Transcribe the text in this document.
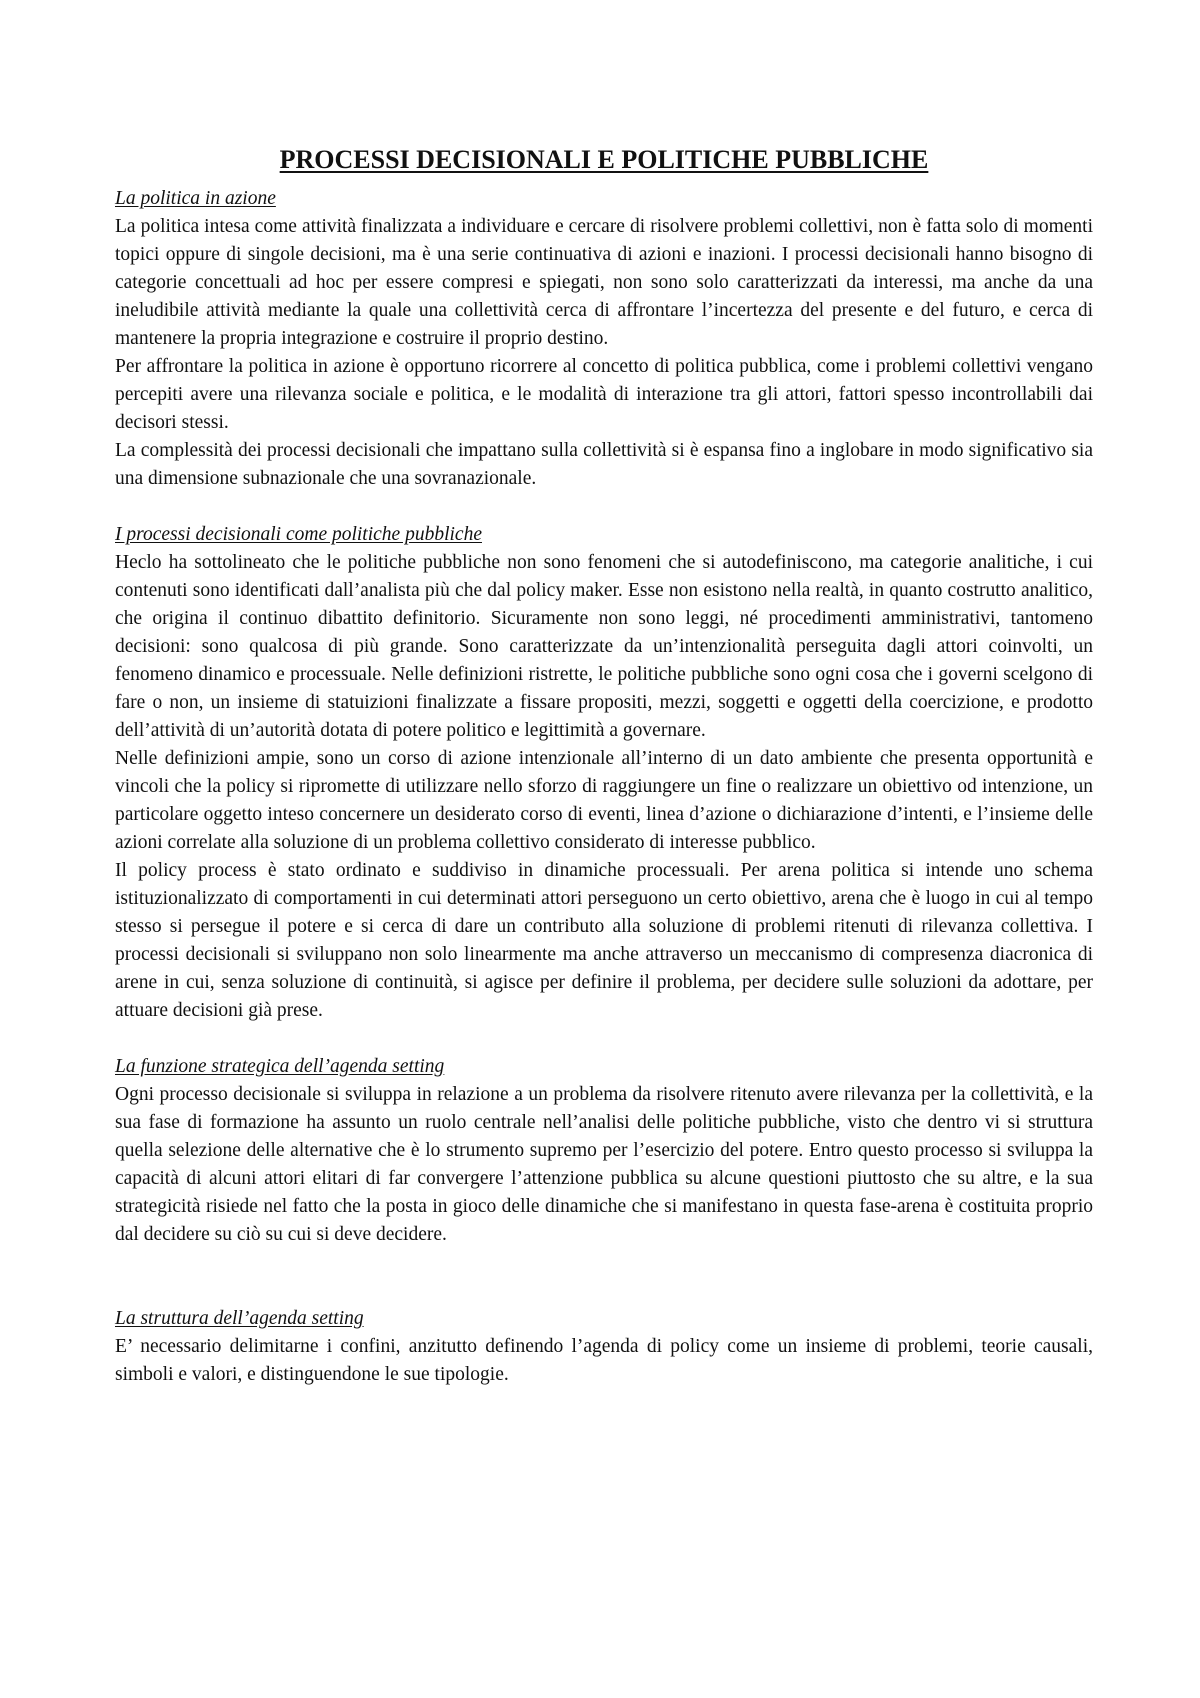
PROCESSI DECISIONALI E POLITICHE PUBBLICHE
La politica in azione

La politica intesa come attività finalizzata a individuare e cercare di risolvere problemi collettivi, non è fatta solo di momenti topici oppure di singole decisioni, ma è una serie continuativa di azioni e inazioni. I processi decisionali hanno bisogno di categorie concettuali ad hoc per essere compresi e spiegati, non sono solo caratterizzati da interessi, ma anche da una ineludibile attività mediante la quale una collettività cerca di affrontare l’incertezza del presente e del futuro, e cerca di mantenere la propria integrazione e costruire il proprio destino.

Per affrontare la politica in azione è opportuno ricorrere al concetto di politica pubblica, come i problemi collettivi vengano percepiti avere una rilevanza sociale e politica, e le modalità di interazione tra gli attori, fattori spesso incontrollabili dai decisori stessi.

La complessità dei processi decisionali che impattano sulla collettività si è espansa fino a inglobare in modo significativo sia una dimensione subnazionale che una sovranazionale.

I processi decisionali come politiche pubbliche

Heclo ha sottolineato che le politiche pubbliche non sono fenomeni che si autodefiniscono, ma categorie analitiche, i cui contenuti sono identificati dall’analista più che dal policy maker. Esse non esistono nella realtà, in quanto costrutto analitico, che origina il continuo dibattito definitorio. Sicuramente non sono leggi, né procedimenti amministrativi, tantomeno decisioni: sono qualcosa di più grande. Sono caratterizzate da un’intenzionalità perseguita dagli attori coinvolti, un fenomeno dinamico e processuale. Nelle definizioni ristrette, le politiche pubbliche sono ogni cosa che i governi scelgono di fare o non, un insieme di statuizioni finalizzate a fissare propositi, mezzi, soggetti e oggetti della coercizione, e prodotto dell’attività di un’autorità dotata di potere politico e legittimità a governare.

Nelle definizioni ampie, sono un corso di azione intenzionale all’interno di un dato ambiente che presenta opportunità e vincoli che la policy si ripromette di utilizzare nello sforzo di raggiungere un fine o realizzare un obiettivo od intenzione, un particolare oggetto inteso concernere un desiderato corso di eventi, linea d’azione o dichiarazione d’intenti, e l’insieme delle azioni correlate alla soluzione di un problema collettivo considerato di interesse pubblico.

Il policy process è stato ordinato e suddiviso in dinamiche processuali. Per arena politica si intende uno schema istituzionalizzato di comportamenti in cui determinati attori perseguono un certo obiettivo, arena che è luogo in cui al tempo stesso si persegue il potere e si cerca di dare un contributo alla soluzione di problemi ritenuti di rilevanza collettiva. I processi decisionali si sviluppano non solo linearmente ma anche attraverso un meccanismo di compresenza diacronica di arene in cui, senza soluzione di continuità, si agisce per definire il problema, per decidere sulle soluzioni da adottare, per attuare decisioni già prese.

La funzione strategica dell’agenda setting

Ogni processo decisionale si sviluppa in relazione a un problema da risolvere ritenuto avere rilevanza per la collettività, e la sua fase di formazione ha assunto un ruolo centrale nell’analisi delle politiche pubbliche, visto che dentro vi si struttura quella selezione delle alternative che è lo strumento supremo per l’esercizio del potere. Entro questo processo si sviluppa la capacità di alcuni attori elitari di far convergere l’attenzione pubblica su alcune questioni piuttosto che su altre, e la sua strategicità risiede nel fatto che la posta in gioco delle dinamiche che si manifestano in questa fase-arena è costituita proprio dal decidere su ciò su cui si deve decidere.

La struttura dell’agenda setting

E’ necessario delimitarne i confini, anzitutto definendo l’agenda di policy come un insieme di problemi, teorie causali, simboli e valori, e distinguendone le sue tipologie.
